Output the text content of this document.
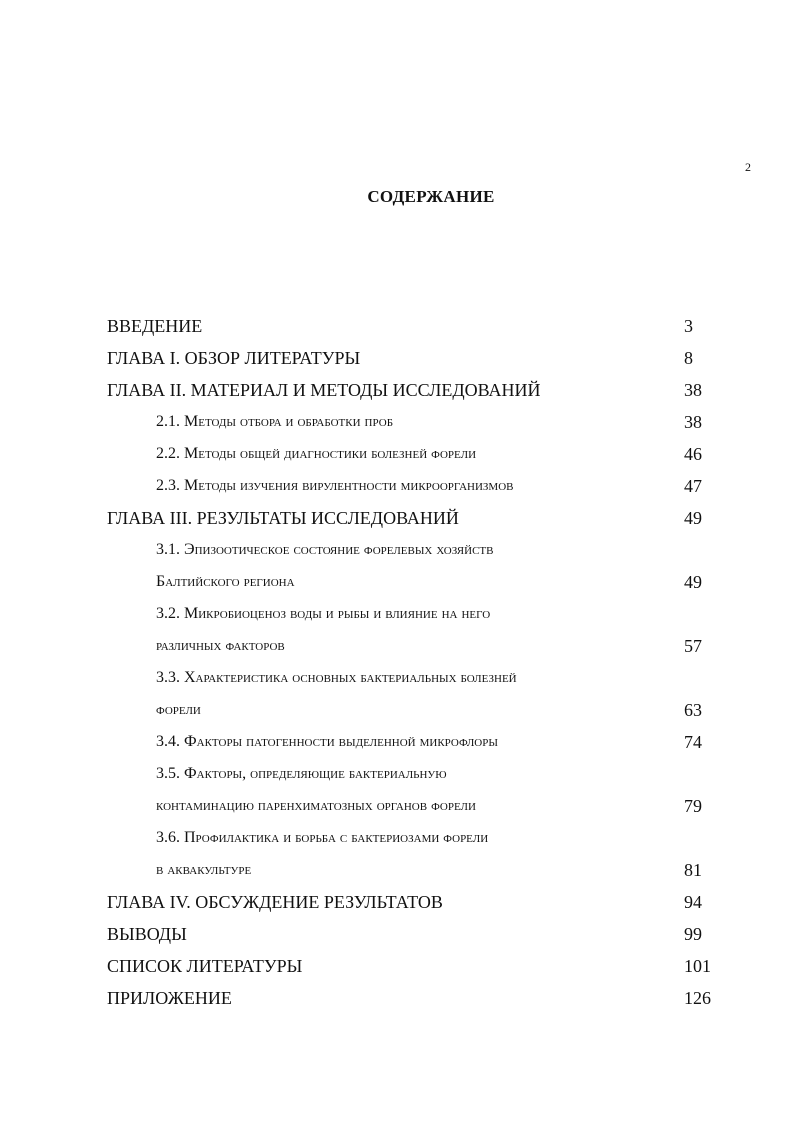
2
СОДЕРЖАНИЕ
ВВЕДЕНИЕ	3
ГЛАВА I. ОБЗОР ЛИТЕРАТУРЫ	8
ГЛАВА II. МАТЕРИАЛ И МЕТОДЫ ИССЛЕДОВАНИЙ	38
2.1. Методы отбора и обработки проб	38
2.2. Методы общей диагностики болезней форели	46
2.3. Методы изучения вирулентности микроорганизмов	47
ГЛАВА III. РЕЗУЛЬТАТЫ ИССЛЕДОВАНИЙ	49
3.1. Эпизоотическое состояние форелевых хозяйств
Балтийского региона	49
3.2. Микробиоценоз воды и рыбы и влияние на него
различных факторов	57
3.3. Характеристика основных бактериальных болезней
форели	63
3.4. Факторы патогенности выделенной микрофлоры	74
3.5. Факторы, определяющие бактериальную
контаминацию паренхиматозных органов форели	79
3.6. Профилактика и борьба с бактериозами форели
в аквакультуре	81
ГЛАВА IV. ОБСУЖДЕНИЕ РЕЗУЛЬТАТОВ	94
ВЫВОДЫ	99
СПИСОК ЛИТЕРАТУРЫ	101
ПРИЛОЖЕНИЕ	126
